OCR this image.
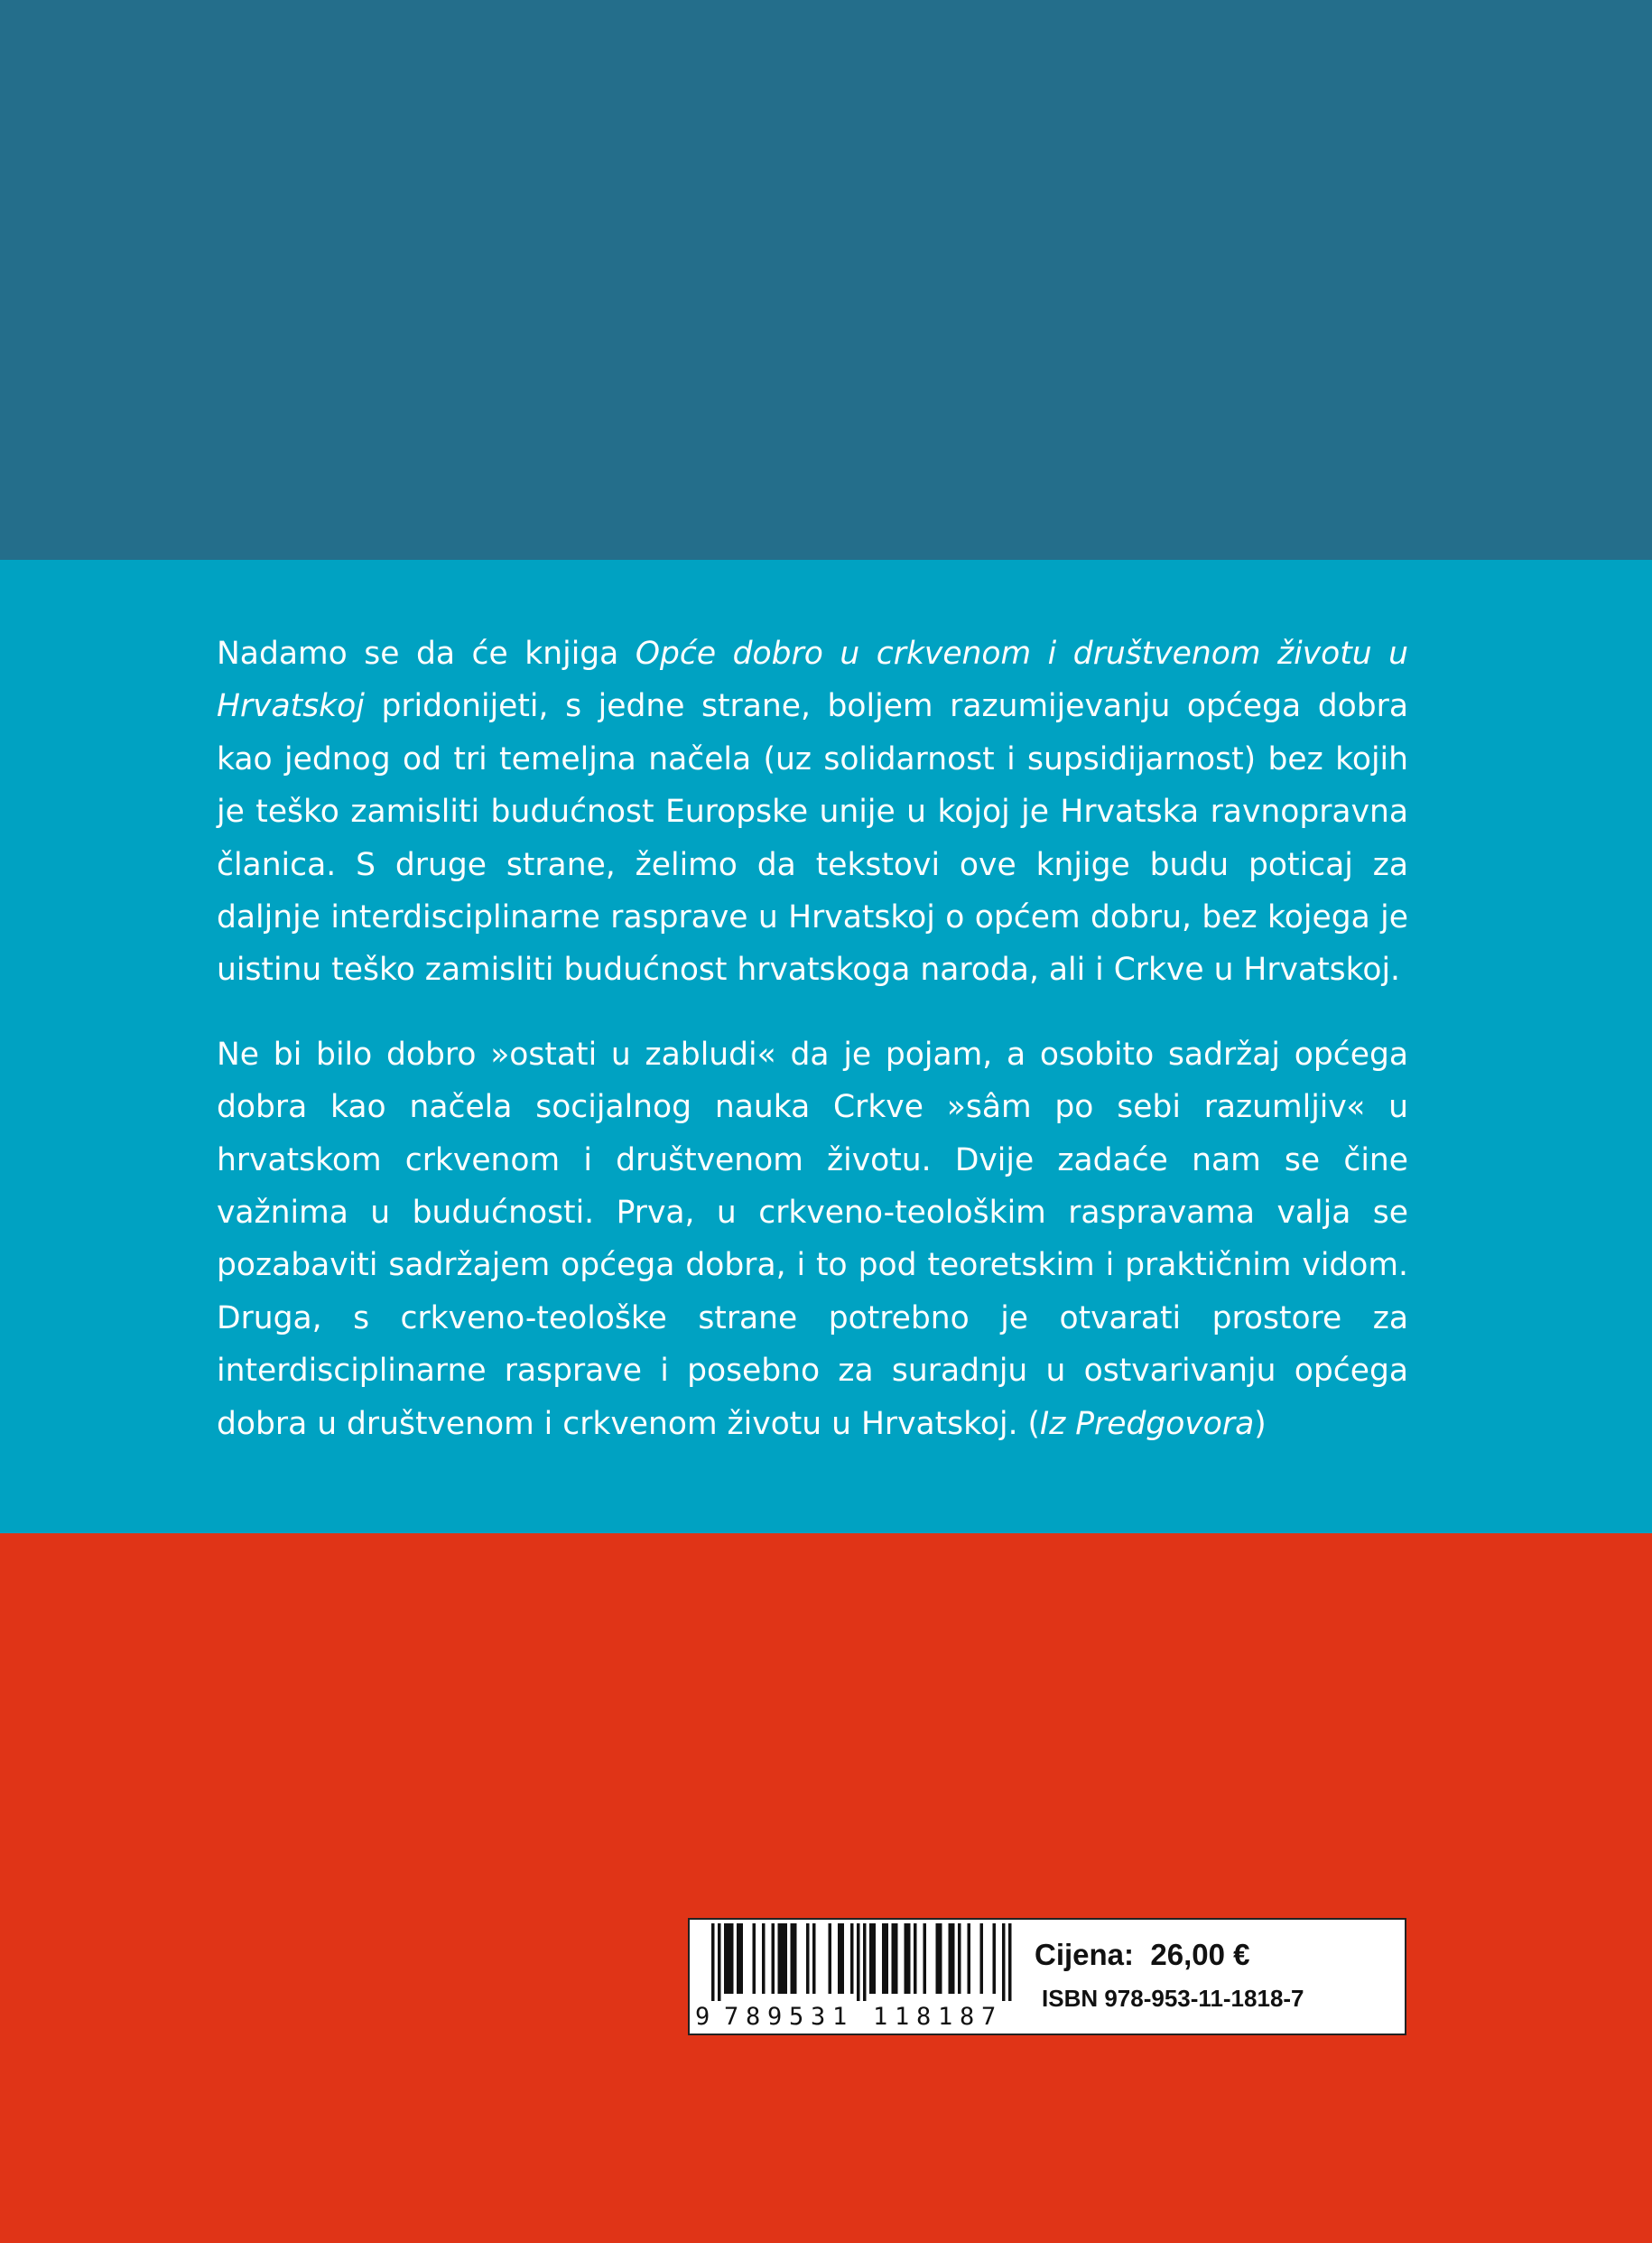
Nadamo se da će knjiga Opće dobro u crkvenom i društvenom životu u Hrvatskoj pridonijeti, s jedne strane, boljem razumijevanju općega dobra kao jednog od tri temeljna načela (uz solidarnost i supsidijarnost) bez kojih je teško zamisliti budućnost Europske unije u kojoj je Hrvatska ravnopravna članica. S druge strane, želimo da tekstovi ove knjige budu poticaj za daljnje interdisciplinarne rasprave u Hrvatskoj o općem dobru, bez kojega je uistinu teško zamisliti budućnost hrvatskoga naroda, ali i Crkve u Hrvatskoj.

Ne bi bilo dobro »ostati u zabludi« da je pojam, a osobito sadržaj općega dobra kao načela socijalnog nauka Crkve »sâm po sebi razumljiv« u hrvatskom crkvenom i društvenom životu. Dvije zadaće nam se čine važnima u budućnosti. Prva, u crkveno-teološkim raspravama valja se pozabaviti sadržajem općega dobra, i to pod teoretskim i praktičnim vidom. Druga, s crkveno-teološke strane potrebno je otvarati prostore za interdisciplinarne rasprave i posebno za suradnju u ostvarivanju općega dobra u društvenom i crkvenom životu u Hrvatskoj. (Iz Predgovora)

9 7 8 9 5 3 1 1 1 8 1 8 7
Cijena:  26,00 €
ISBN 978-953-11-1818-7
